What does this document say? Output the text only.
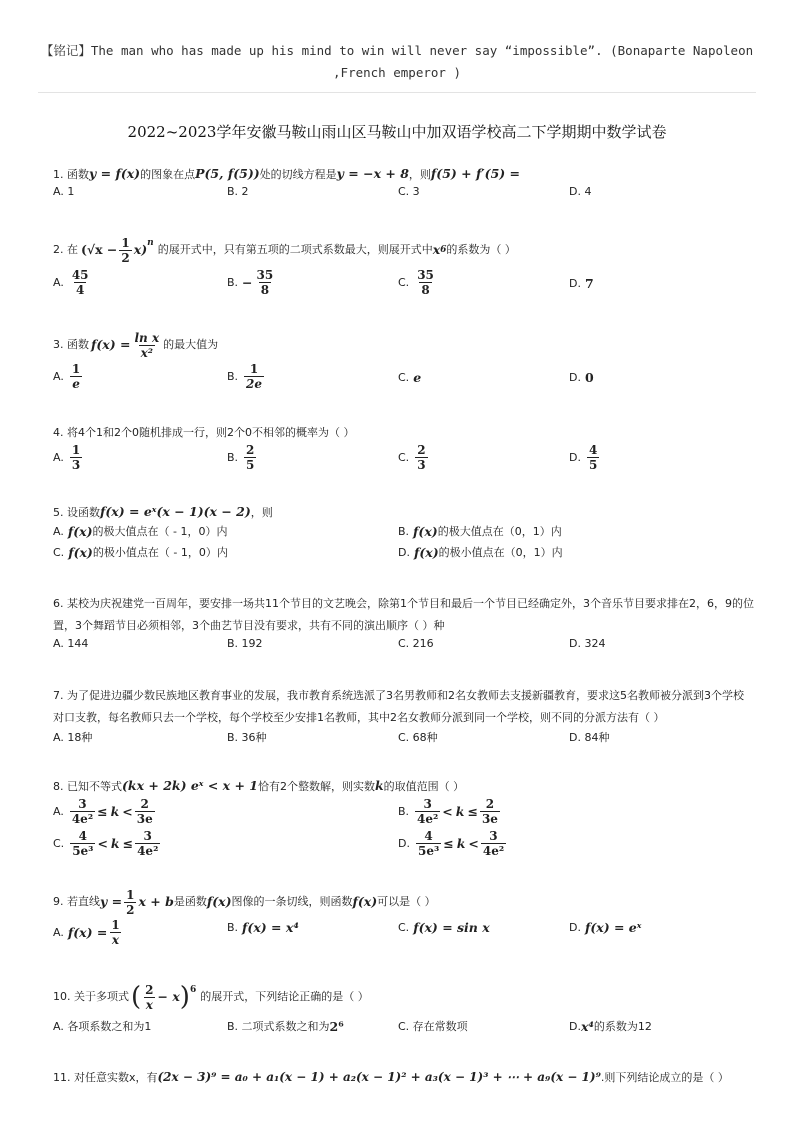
【铭记】The man who has made up his mind to win will never say “impossible”. (Bonaparte Napoleon ,French emperor )
2022~2023学年安徽马鞍山雨山区马鞍山中加双语学校高二下学期期中数学试卷
1. 函数y = f(x)的图象在点P(5, f(5))处的切线方程是y = −x + 8，则f(5) + f′(5) =
A. 1	B. 2	C. 3	D. 4
2. 在 $(√x - \frac{1}{2} x)$ n 的展开式中，只有第五项的二项式系数最大，则展开式中 x 6 的系数为（ ）
A. $\frac{45}{4}$	B. − $\frac{35}{8}$	C. $\frac{35}{8}$	D. 7
3. 函数 $f(x) = \frac{\text{ln x}}{\text{x²}}$ 的最大值为
A. $\frac{1}{e}$	B. $\frac{1}{2e}$	C. e	D. 0
4. 将4个1和2个0随机排成一行，则2个0不相邻的概率为（ ）
A. $\frac{1}{3}$	B. $\frac{2}{5}$	C. $\frac{2}{3}$	D. $\frac{4}{5}$
5. 设函数f(x) = eˣ(x − 1)(x − 2)，则
A. f(x) 的极大值点在（ - 1，0）内	B. f(x) 的极大值点在（0，1）内
C. f(x) 的极小值点在（ - 1，0）内	D. f(x) 的极小值点在（0，1）内
6. 某校为庆祝建党一百周年，要安排一场共11个节目的文艺晚会，除第1个节目和最后一个节目已经确定外，3个音乐节目要求排在2，6，9的位置，3个舞蹈节目必须相邻，3个曲艺节目没有要求，共有不同的演出顺序（ ）种
A. 144	B. 192	C. 216	D. 324
7. 为了促进边疆少数民族地区教育事业的发展，我市教育系统选派了3名男教师和2名女教师去支援新疆教育，要求这5名教师被分派到3个学校对口支教，每名教师只去一个学校，每个学校至少安排1名教师，其中2名女教师分派到同一个学校，则不同的分派方法有（ ）
A. 18种	B. 36种	C. 68种	D. 84种
8. 已知不等式(kx + 2k) eˣ < x + 1恰有2个整数解，则实数k的取值范围（ ）
A. $\frac{3}{\text{4e²}} \le k < \frac{2}{3e}$	B. $\frac{3}{\text{4e²}} < k \le \frac{2}{3e}$
C. $\frac{4}{\text{5e³}} < k \le \frac{3}{\text{4e²}}$	D. $\frac{4}{\text{5e³}} \le k < \frac{3}{\text{4e²}}$
9. 若直线 $y = \frac{1}{2}$ x + b 是函数 f(x) 图像的一条切线，则函数 f(x) 可以是（ ）
A. $f(x) = \frac{1}{x}$	B. f(x) = x⁴	C. f(x) = sin x	D. f(x) = eˣ
10. 关于多项式 ( $\frac{2}{x} - x$ ) 6 的展开式，下列结论正确的是（ ）
A. 各项系数之和为1	B. 二项式系数之和为 2⁶	C. 存在常数项	D. x⁴ 的系数为12
11. 对任意实数x，有(2x − 3)⁹ = a₀ + a₁(x − 1) + a₂(x − 1)² + a₃(x − 1)³ + ⋯ + a₉(x − 1)⁹.则下列结论成立的是（ ）
